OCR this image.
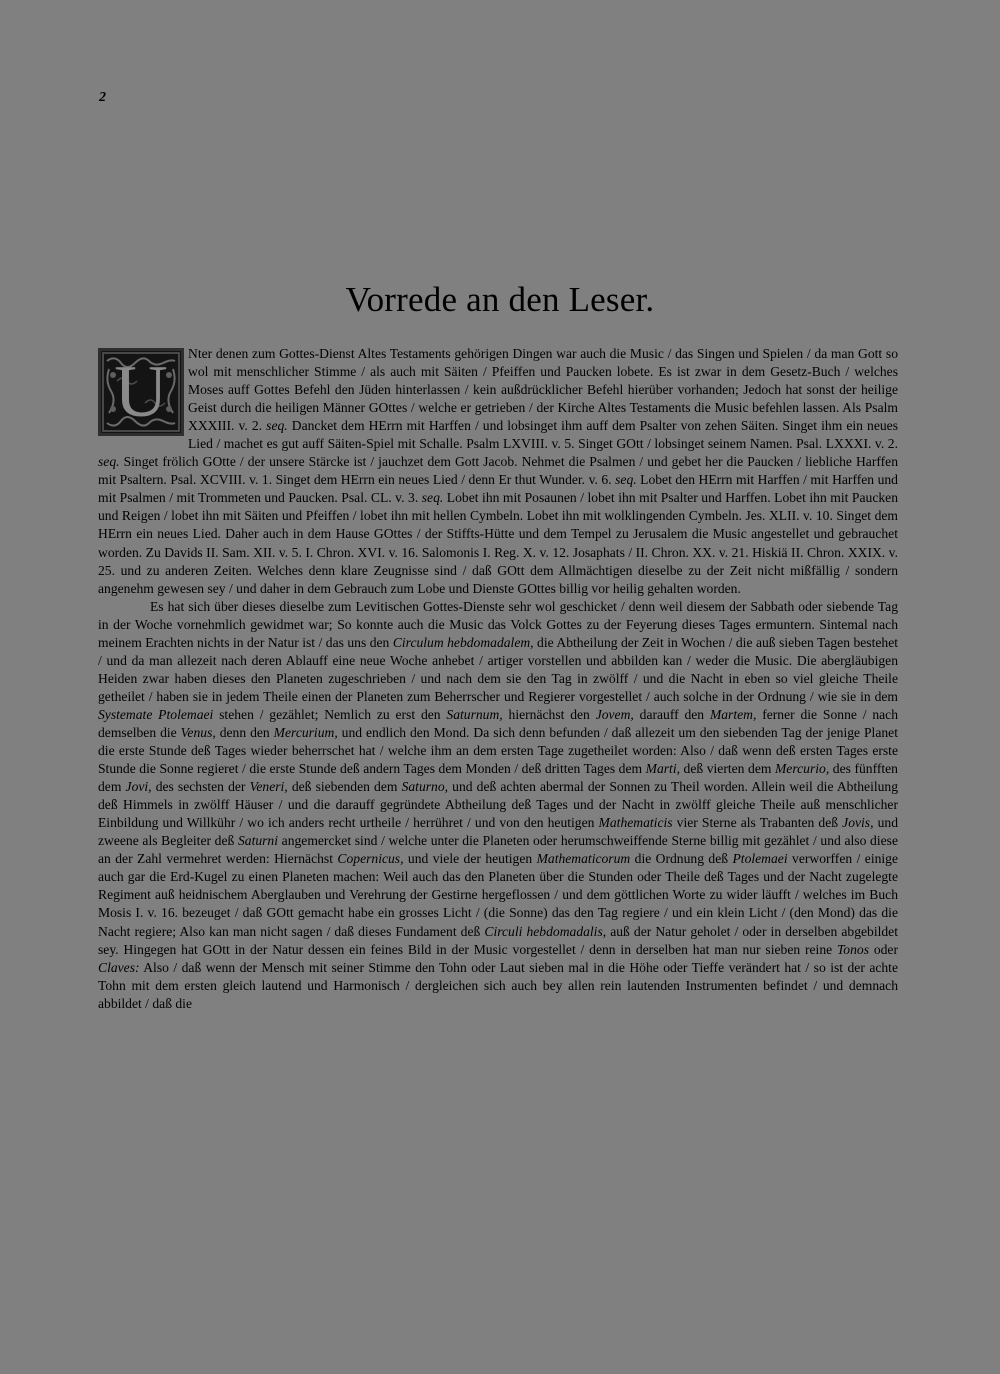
2
Vorrede an den Leser.

U	Nter denen zum Gottes-Dienst Altes Testaments gehörigen Dingen war auch die Music / das Singen und Spielen / da man Gott so wol mit menschlicher Stimme / als auch mit Säiten / Pfeiffen und Paucken lobete. Es ist zwar in dem Gesetz-Buch / welches Moses auff Gottes Befehl den Jüden hinterlassen / kein außdrücklicher Befehl hierüber vorhanden; Jedoch hat sonst der heilige Geist durch die heiligen Männer GOttes / welche er getrieben / der Kirche Altes Testaments die Music befehlen lassen. Als Psalm XXXIII. v. 2. seq. Dancket dem HErrn mit Harffen / und lobsinget ihm auff dem Psalter von zehen Säiten. Singet ihm ein neues Lied / machet es gut auff Säiten-Spiel mit Schalle. Psalm LXVIII. v. 5. Singet GOtt / lobsinget seinem Namen. Psal. LXXXI. v. 2. seq. Singet frölich GOtte / der unsere Stärcke ist / jauchzet dem Gott Jacob. Nehmet die Psalmen / und gebet her die Paucken / liebliche Harffen mit Psaltern. Psal. XCVIII. v. 1. Singet dem HErrn ein neues Lied / denn Er thut Wunder. v. 6. seq. Lobet den HErrn mit Harffen / mit Harffen und mit Psalmen / mit Trommeten und Paucken. Psal. CL. v. 3. seq. Lobet ihn mit Posaunen / lobet ihn mit Psalter und Harffen. Lobet ihn mit Paucken und Reigen / lobet ihn mit Säiten und Pfeiffen / lobet ihn mit hellen Cymbeln. Lobet ihn mit wolklingenden Cymbeln. Jes. XLII. v. 10. Singet dem HErrn ein neues Lied. Daher auch in dem Hause GOttes / der Stiffts-Hütte und dem Tempel zu Jerusalem die Music angestellet und gebrauchet worden. Zu Davids II. Sam. XII. v. 5. I. Chron. XVI. v. 16. Salomonis I. Reg. X. v. 12. Josaphats / II. Chron. XX. v. 21. Hiskiä II. Chron. XXIX. v. 25. und zu anderen Zeiten. Welches denn klare Zeugnisse sind / daß GOtt dem Allmächtigen dieselbe zu der Zeit nicht mißfällig / sondern angenehm gewesen sey / und daher in dem Gebrauch zum Lobe und Dienste GOttes billig vor heilig gehalten worden.

Es hat sich über dieses dieselbe zum Levitischen Gottes-Dienste sehr wol geschicket / denn weil diesem der Sabbath oder siebende Tag in der Woche vornehmlich gewidmet war; So konnte auch die Music das Volck Gottes zu der Feyerung dieses Tages ermuntern. Sintemal nach meinem Erachten nichts in der Natur ist / das uns den Circulum hebdomadalem, die Abtheilung der Zeit in Wochen / die auß sieben Tagen bestehet / und da man allezeit nach deren Ablauff eine neue Woche anhebet / artiger vorstellen und abbilden kan / weder die Music. Die abergläubigen Heiden zwar haben dieses den Planeten zugeschrieben / und nach dem sie den Tag in zwölff / und die Nacht in eben so viel gleiche Theile getheilet / haben sie in jedem Theile einen der Planeten zum Beherrscher und Regierer vorgestellet / auch solche in der Ordnung / wie sie in dem Systemate Ptolemaei stehen / gezählet; Nemlich zu erst den Saturnum, hiernächst den Jovem, darauff den Martem, ferner die Sonne / nach demselben die Venus, denn den Mercurium, und endlich den Mond. Da sich denn befunden / daß allezeit um den siebenden Tag der jenige Planet die erste Stunde deß Tages wieder beherrschet hat / welche ihm an dem ersten Tage zugetheilet worden: Also / daß wenn deß ersten Tages erste Stunde die Sonne regieret / die erste Stunde deß andern Tages dem Monden / deß dritten Tages dem Marti, deß vierten dem Mercurio, des fünfften dem Jovi, des sechsten der Veneri, deß siebenden dem Saturno, und deß achten abermal der Sonnen zu Theil worden. Allein weil die Abtheilung deß Himmels in zwölff Häuser / und die darauff gegründete Abtheilung deß Tages und der Nacht in zwölff gleiche Theile auß menschlicher Einbildung und Willkühr / wo ich anders recht urtheile / herrühret / und von den heutigen Mathematicis vier Sterne als Trabanten deß Jovis, und zweene als Begleiter deß Saturni angemercket sind / welche unter die Planeten oder herumschweiffende Sterne billig mit gezählet / und also diese an der Zahl vermehret werden: Hiernächst Copernicus, und viele der heutigen Mathematicorum die Ordnung deß Ptolemaei verworffen / einige auch gar die Erd-Kugel zu einen Planeten machen: Weil auch das den Planeten über die Stunden oder Theile deß Tages und der Nacht zugelegte Regiment auß heidnischem Aberglauben und Verehrung der Gestirne hergeflossen / und dem göttlichen Worte zu wider läufft / welches im Buch Mosis I. v. 16. bezeuget / daß GOtt gemacht habe ein grosses Licht / (die Sonne) das den Tag regiere / und ein klein Licht / (den Mond) das die Nacht regiere; Also kan man nicht sagen / daß dieses Fundament deß Circuli hebdomadalis, auß der Natur geholet / oder in derselben abgebildet sey. Hingegen hat GOtt in der Natur dessen ein feines Bild in der Music vorgestellet / denn in derselben hat man nur sieben reine Tonos oder Claves: Also / daß wenn der Mensch mit seiner Stimme den Tohn oder Laut sieben mal in die Höhe oder Tieffe verändert hat / so ist der achte Tohn mit dem ersten gleich lautend und Harmonisch / dergleichen sich auch bey allen rein lautenden Instrumenten befindet / und demnach abbildet / daß die
